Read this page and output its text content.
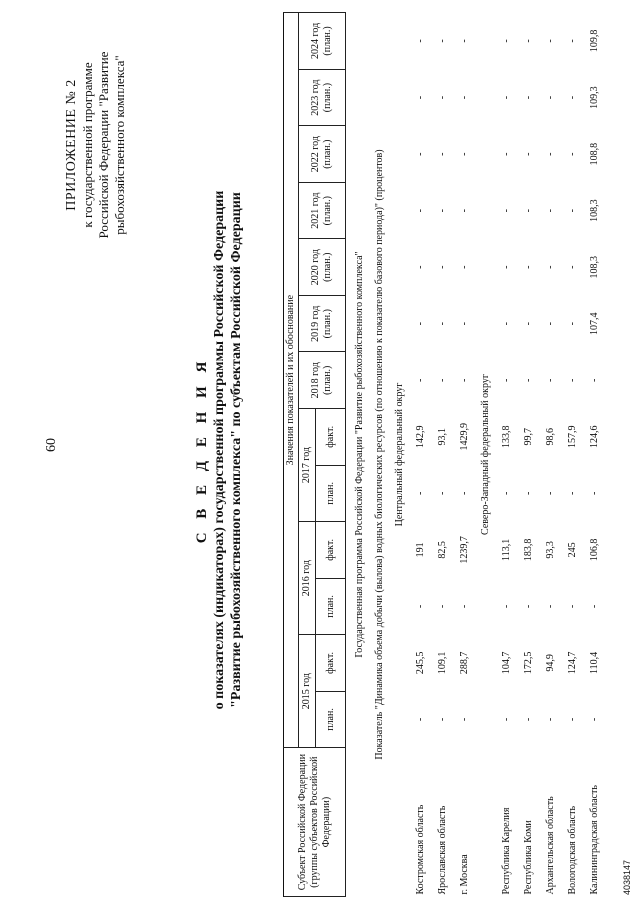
60
ПРИЛОЖЕНИЕ № 2 к государственной программе Российской Федерации "Развитие рыбохозяйственного комплекса"
С В Е Д Е Н И Я о показателях (индикаторах) государственной программы Российской Федерации "Развитие рыбохозяйственного комплекса" по субъектам Российской Федерации
Субъект Российской Федерации (группы субъектов Российской Федерации)	Значения показателей и их обоснование												
	2015 год		2016 год		2017 год		2018 год (план.)	2019 год (план.)	2020 год (план.)	2021 год (план.)	2022 год (план.)	2023 год (план.)	2024 год (план.)
	план.	факт.	план.	факт.	план.	факт.							
Государственная программа Российской Федерации "Развитие рыбохозяйственного комплекса"													
Показатель "Динамика объема добычи (вылова) водных биологических ресурсов (по отношению к показателю базового периода)" (процентов)													
Центральный федеральный округ													
Костромская область	-	245,5	-	191	-	142,9	-	-	-	-	-	-	-
Ярославская область	-	109,1	-	82,5	-	93,1	-	-	-	-	-	-	-
г. Москва	-	288,7	-	1239,7	-	1429,9	-	-	-	-	-	-	-
Северо-Западный федеральный округ													
Республика Карелия	-	104,7	-	113,1	-	133,8	-	-	-	-	-	-	-
Республика Коми	-	172,5	-	183,8	-	99,7	-	-	-	-	-	-	-
Архангельская область	-	94,9	-	93,3	-	98,6	-	-	-	-	-	-	-
Вологодская область	-	124,7	-	245	-	157,9	-	-	-	-	-	-	-
Калининградская область	-	110,4	-	106,8	-	124,6	-	107,4	108,3	108,3	108,8	109,3	109,8
4038147
